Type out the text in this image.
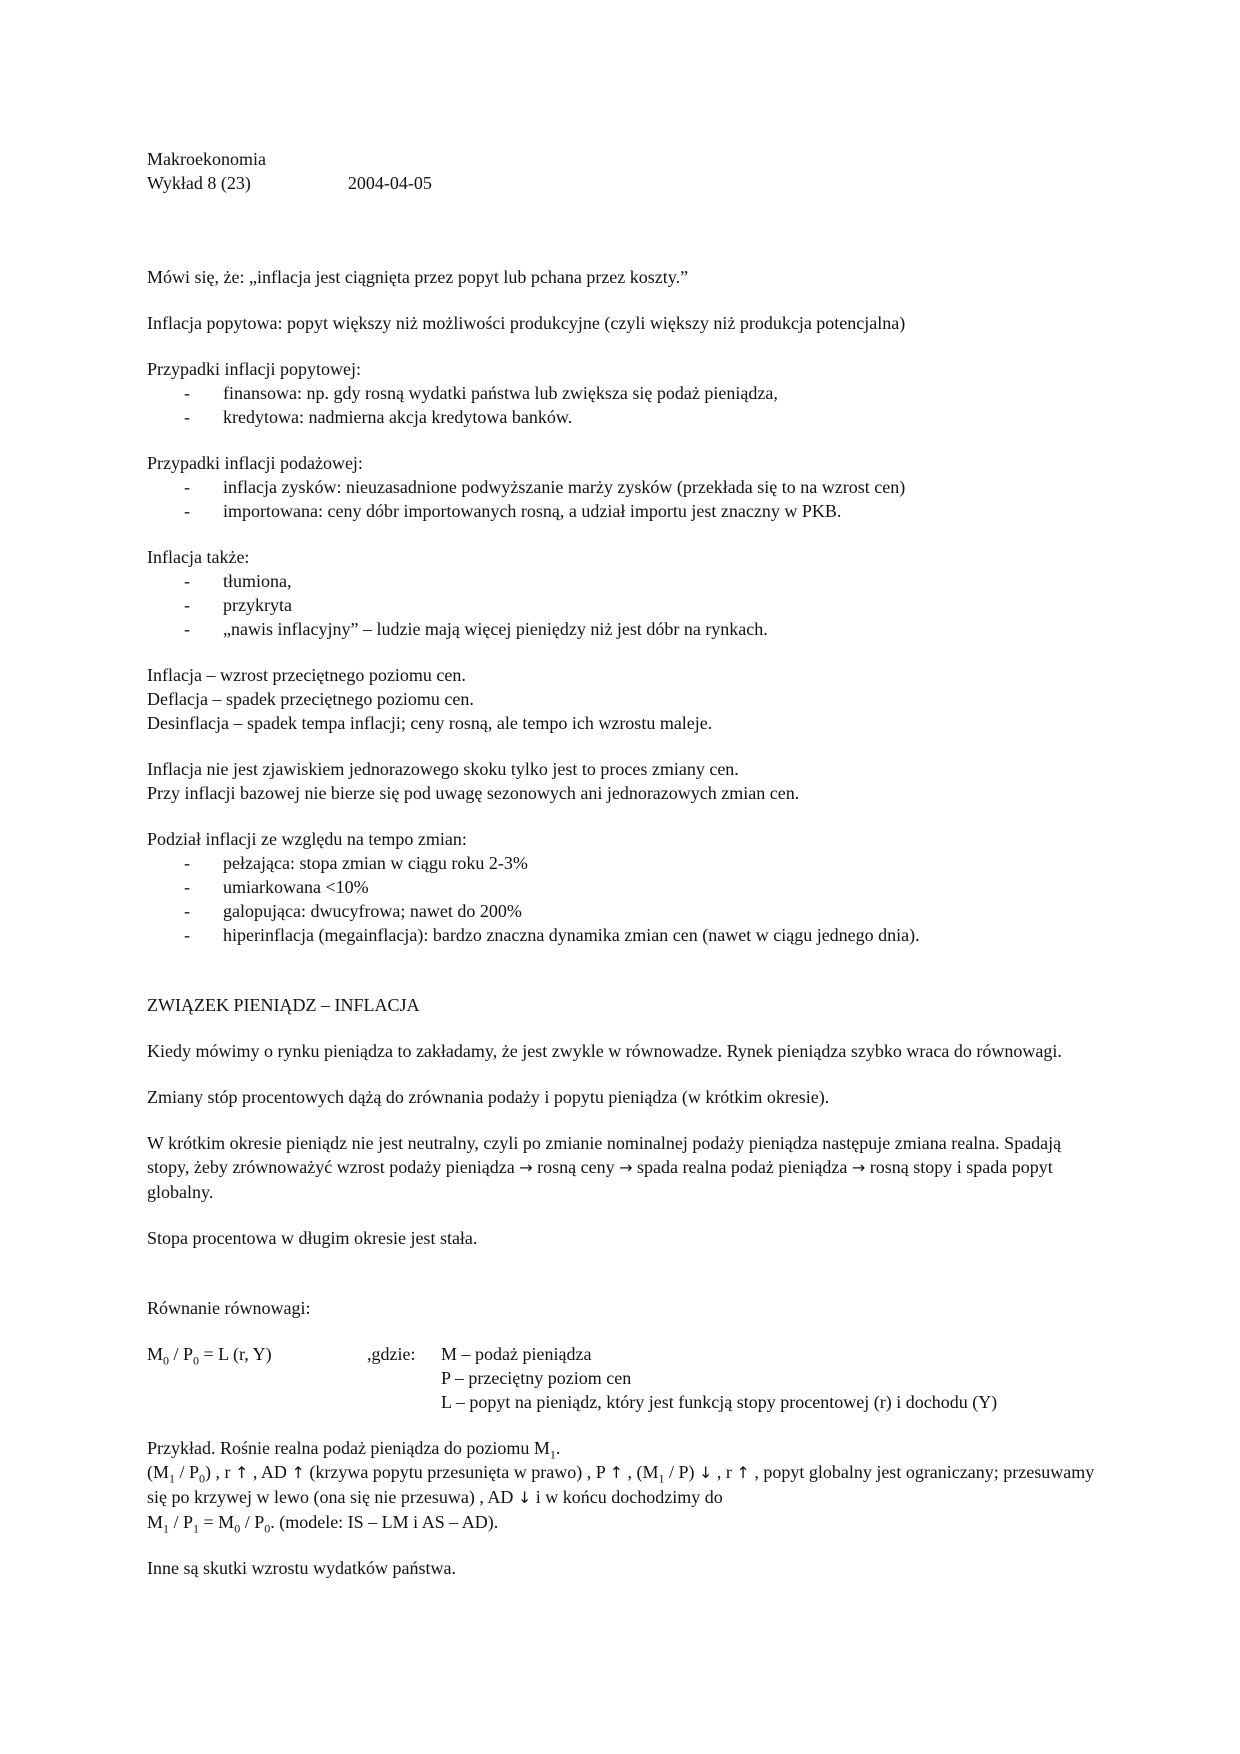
Makroekonomia

Wykład 8 (23)	2004-04-05

Mówi się, że: „inflacja jest ciągnięta przez popyt lub pchana przez koszty.”

Inflacja popytowa: popyt większy niż możliwości produkcyjne (czyli większy niż produkcja potencjalna)

Przypadki inflacji popytowej:

- finansowa: np. gdy rosną wydatki państwa lub zwiększa się podaż pieniądza,
- kredytowa: nadmierna akcja kredytowa banków.

Przypadki inflacji podażowej:

- inflacja zysków: nieuzasadnione podwyższanie marży zysków (przekłada się to na wzrost cen)
- importowana: ceny dóbr importowanych rosną, a udział importu jest znaczny w PKB.

Inflacja także:

- tłumiona,
- przykryta
- „nawis inflacyjny” – ludzie mają więcej pieniędzy niż jest dóbr na rynkach.

Inflacja – wzrost przeciętnego poziomu cen.

Deflacja – spadek przeciętnego poziomu cen.

Desinflacja – spadek tempa inflacji; ceny rosną, ale tempo ich wzrostu maleje.

Inflacja nie jest zjawiskiem jednorazowego skoku tylko jest to proces zmiany cen.

Przy inflacji bazowej nie bierze się pod uwagę sezonowych ani jednorazowych zmian cen.

Podział inflacji ze względu na tempo zmian:

- pełzająca: stopa zmian w ciągu roku 2-3%
- umiarkowana <10%
- galopująca: dwucyfrowa; nawet do 200%
- hiperinflacja (megainflacja): bardzo znaczna dynamika zmian cen (nawet w ciągu jednego dnia).

ZWIĄZEK PIENIĄDZ – INFLACJA

Kiedy mówimy o rynku pieniądza to zakładamy, że jest zwykle w równowadze. Rynek pieniądza szybko wraca do równowagi.

Zmiany stóp procentowych dążą do zrównania podaży i popytu pieniądza (w krótkim okresie).

W krótkim okresie pieniądz nie jest neutralny, czyli po zmianie nominalnej podaży pieniądza następuje zmiana realna. Spadają stopy, żeby zrównoważyć wzrost podaży pieniądza → rosną ceny → spada realna podaż pieniądza → rosną stopy i spada popyt globalny.

Stopa procentowa w długim okresie jest stała.

Równanie równowagi:

$M_0 / P_0 = L$ (r, Y)	,gdzie:	M – podaż pieniądza
P – przeciętny poziom cen
L – popyt na pieniądz, który jest funkcją stopy procentowej (r) i dochodu (Y)

Przykład. Rośnie realna podaż pieniądza do poziomu $M_1$.

$(M_1 / P_0)$ , r ↑ , AD ↑ (krzywa popytu przesunięta w prawo) , P ↑ , $(M_1 / P)$ ↓ , r ↑ , popyt globalny jest ograniczany; przesuwamy się po krzywej w lewo (ona się nie przesuwa) , AD ↓ i w końcu dochodzimy do

$M_1 / P_1 = M_0 / P_0$. (modele: IS – LM i AS – AD).

Inne są skutki wzrostu wydatków państwa.
